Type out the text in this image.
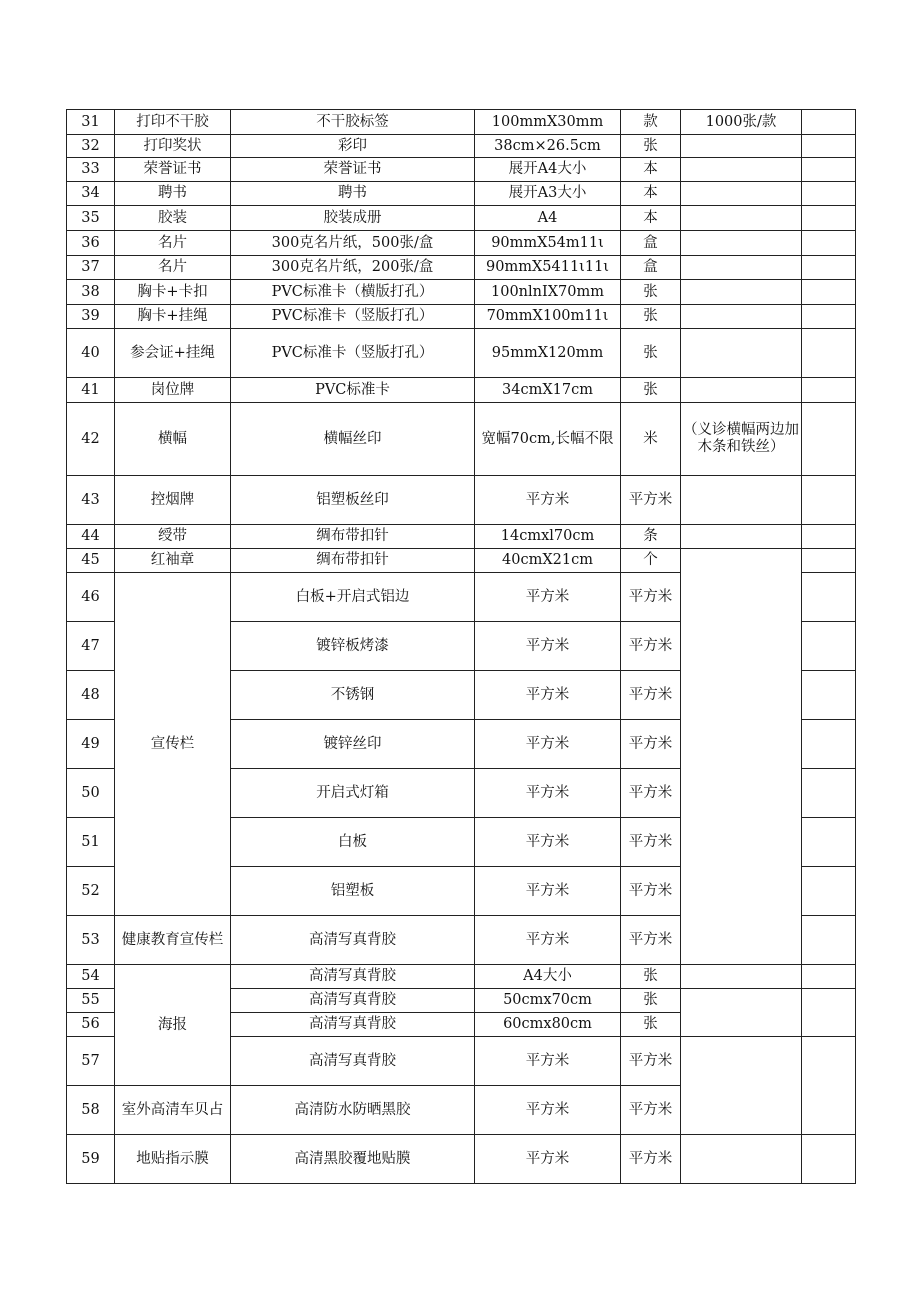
31	打印不干胶	不干胶标签	100mmX30mm	款	1000张/款	
32	打印奖状	彩印	38cm×26.5cm	张		
33	荣誉证书	荣誉证书	展开A4大小	本		
34	聘书	聘书	展开A3大小	本		
35	胶装	胶装成册	A4	本		
36	名片	300克名片纸，500张/盒	90mmX54m11ι	盒		
37	名片	300克名片纸，200张/盒	90mmX5411ι11ι	盒		
38	胸卡+卡扣	PVC标准卡（横版打孔）	100nlnIX70mm	张		
39	胸卡+挂绳	PVC标准卡（竖版打孔）	70mmX100m11ι	张		
40	参会证+挂绳	PVC标准卡（竖版打孔）	95mmX120mm	张		
41	岗位牌	PVC标准卡	34cmX17cm	张		
42	横幅	横幅丝印	宽幅70cm,长幅不限	米	（义诊横幅两边加木条和铁丝）	
43	控烟牌	铝塑板丝印	平方米	平方米		
44	绶带	绸布带扣针	14cmxl70cm	条		
45	红袖章	绸布带扣针	40cmX21cm	个		
46	宣传栏	白板+开启式铝边	平方米	平方米		
47		镀锌板烤漆	平方米	平方米		
48		不锈钢	平方米	平方米		
49		镀锌丝印	平方米	平方米		
50		开启式灯箱	平方米	平方米		
51		白板	平方米	平方米		
52		铝塑板	平方米	平方米		
53	健康教育宣传栏	高清写真背胶	平方米	平方米		
54	海报	高清写真背胶	A4大小	张		
55		高清写真背胶	50cmx70cm	张		
56		高清写真背胶	60cmx80cm	张		
57		高清写真背胶	平方米	平方米		
58	室外高清车贝占	高清防水防晒黑胶	平方米	平方米		
59	地贴指示膜	高清黑胶覆地贴膜	平方米	平方米		
